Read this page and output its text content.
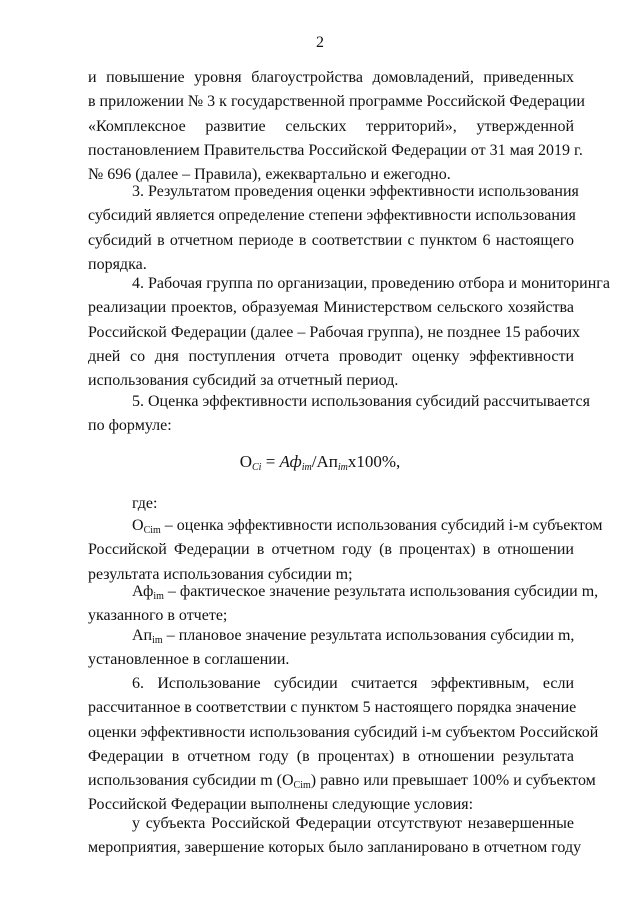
2
и повышение уровня благоустройства домовладений, приведенных
в приложении № 3 к государственной программе Российской Федерации
«Комплексное развитие сельских территорий», утвержденной
постановлением Правительства Российской Федерации от 31 мая 2019 г.
№ 696 (далее – Правила), ежеквартально и ежегодно.
3. Результатом проведения оценки эффективности использования
субсидий является определение степени эффективности использования
субсидий в отчетном периоде в соответствии с пунктом 6 настоящего
порядка.
4. Рабочая группа по организации, проведению отбора и мониторинга
реализации проектов, образуемая Министерством сельского хозяйства
Российской Федерации (далее – Рабочая группа), не позднее 15 рабочих
дней со дня поступления отчета проводит оценку эффективности
использования субсидий за отчетный период.
5. Оценка эффективности использования субсидий рассчитывается
по формуле:
$О_{Ci} = Аф_{im}/Ап_{im}x100\%$,
где:
$О_{Cim}$ – оценка эффективности использования субсидий i-м субъектом
Российской Федерации в отчетном году (в процентах) в отношении
результата использования субсидии m;
$Аф_{im}$ – фактическое значение результата использования субсидии m,
указанного в отчете;
$Ап_{im}$ – плановое значение результата использования субсидии m,
установленное в соглашении.
6. Использование субсидии считается эффективным, если
рассчитанное в соответствии с пунктом 5 настоящего порядка значение
оценки эффективности использования субсидий i-м субъектом Российской
Федерации в отчетном году (в процентах) в отношении результата
использования субсидии m $(О_{Cim})$ равно или превышает 100% и субъектом
Российской Федерации выполнены следующие условия:
у субъекта Российской Федерации отсутствуют незавершенные
мероприятия, завершение которых было запланировано в отчетном году
